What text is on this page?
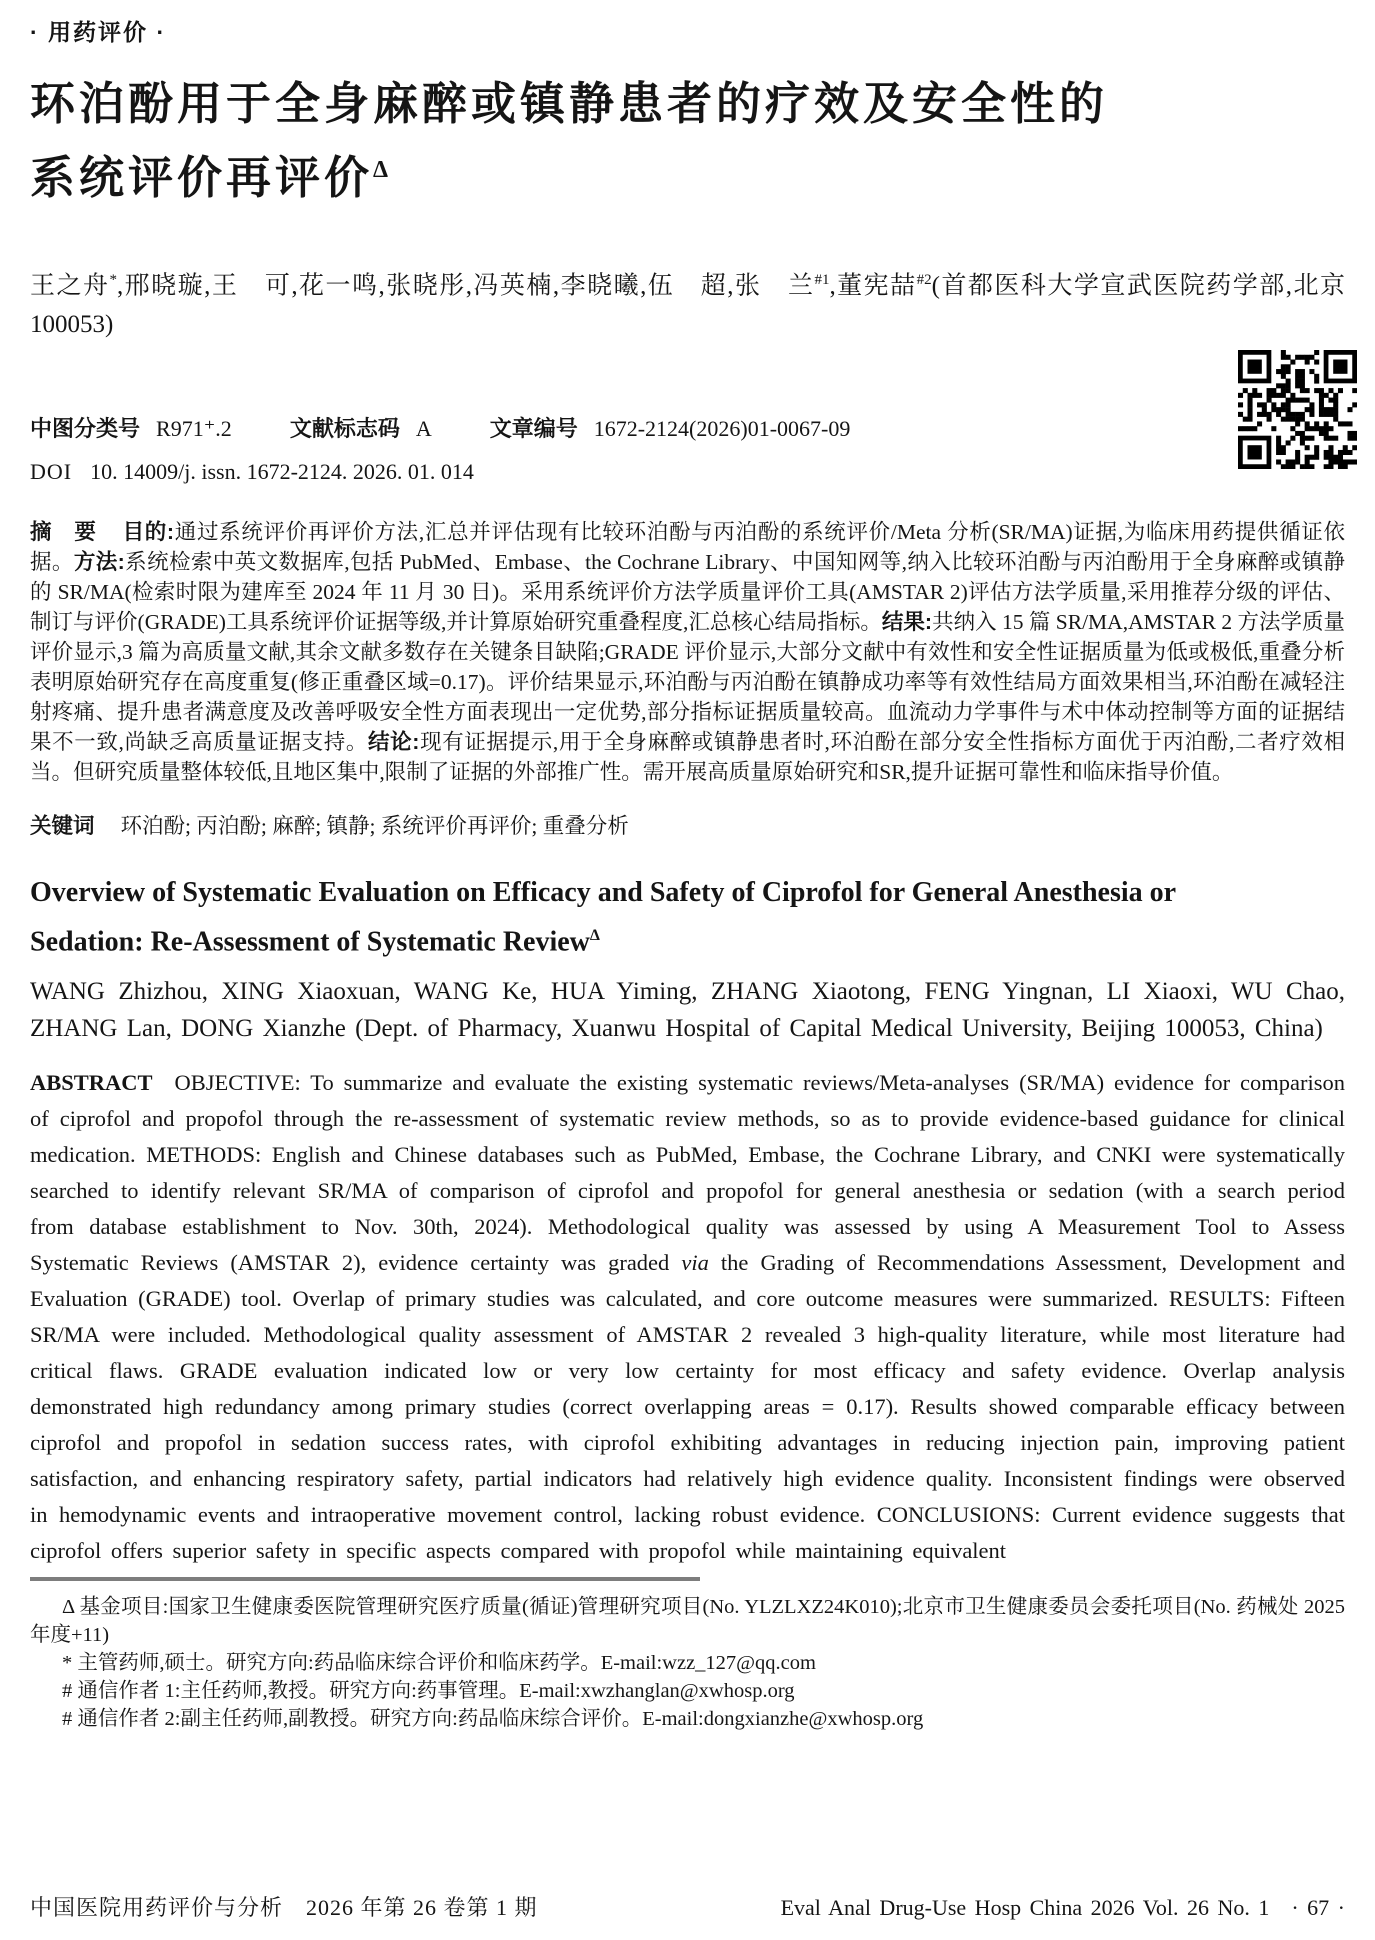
· 用药评价 ·
环泊酚用于全身麻醉或镇静患者的疗效及安全性的
系统评价再评价$^\Delta$

王之舟*,邢晓璇,王　可,花一鸣,张晓彤,冯英楠,李晓曦,伍　超,张　兰$^{\#1}$,董宪喆$^{\#2}$(首都医科大学宣武医院药学部,北京　100053)

中图分类号 R971⁺.2	文献标志码 A	文章编号 1672-2124(2026)01-0067-09

DOI 10. 14009/j. issn. 1672-2124. 2026. 01. 014

摘　要 目的:通过系统评价再评价方法,汇总并评估现有比较环泊酚与丙泊酚的系统评价/Meta 分析(SR/MA)证据,为临床用药提供循证依据。方法:系统检索中英文数据库,包括 PubMed、Embase、the Cochrane Library、中国知网等,纳入比较环泊酚与丙泊酚用于全身麻醉或镇静的 SR/MA(检索时限为建库至 2024 年 11 月 30 日)。采用系统评价方法学质量评价工具(AMSTAR 2)评估方法学质量,采用推荐分级的评估、制订与评价(GRADE)工具系统评价证据等级,并计算原始研究重叠程度,汇总核心结局指标。结果:共纳入 15 篇 SR/MA,AMSTAR 2 方法学质量评价显示,3 篇为高质量文献,其余文献多数存在关键条目缺陷;GRADE 评价显示,大部分文献中有效性和安全性证据质量为低或极低,重叠分析表明原始研究存在高度重复(修正重叠区域=0.17)。评价结果显示,环泊酚与丙泊酚在镇静成功率等有效性结局方面效果相当,环泊酚在减轻注射疼痛、提升患者满意度及改善呼吸安全性方面表现出一定优势,部分指标证据质量较高。血流动力学事件与术中体动控制等方面的证据结果不一致,尚缺乏高质量证据支持。结论:现有证据提示,用于全身麻醉或镇静患者时,环泊酚在部分安全性指标方面优于丙泊酚,二者疗效相当。但研究质量整体较低,且地区集中,限制了证据的外部推广性。需开展高质量原始研究和SR,提升证据可靠性和临床指导价值。

关键词 环泊酚; 丙泊酚; 麻醉; 镇静; 系统评价再评价; 重叠分析

Overview of Systematic Evaluation on Efficacy and Safety of Ciprofol for General Anesthesia or
Sedation: Re-Assessment of Systematic Review$^\Delta$

WANG Zhizhou, XING Xiaoxuan, WANG Ke, HUA Yiming, ZHANG Xiaotong, FENG Yingnan, LI Xiaoxi, WU Chao, ZHANG Lan, DONG Xianzhe (Dept. of Pharmacy, Xuanwu Hospital of Capital Medical University, Beijing 100053, China)

ABSTRACT OBJECTIVE: To summarize and evaluate the existing systematic reviews/Meta-analyses (SR/MA) evidence for comparison of ciprofol and propofol through the re-assessment of systematic review methods, so as to provide evidence-based guidance for clinical medication. METHODS: English and Chinese databases such as PubMed, Embase, the Cochrane Library, and CNKI were systematically searched to identify relevant SR/MA of comparison of ciprofol and propofol for general anesthesia or sedation (with a search period from database establishment to Nov. 30th, 2024). Methodological quality was assessed by using A Measurement Tool to Assess Systematic Reviews (AMSTAR 2), evidence certainty was graded via the Grading of Recommendations Assessment, Development and Evaluation (GRADE) tool. Overlap of primary studies was calculated, and core outcome measures were summarized. RESULTS: Fifteen SR/MA were included. Methodological quality assessment of AMSTAR 2 revealed 3 high-quality literature, while most literature had critical flaws. GRADE evaluation indicated low or very low certainty for most efficacy and safety evidence. Overlap analysis demonstrated high redundancy among primary studies (correct overlapping areas = 0.17). Results showed comparable efficacy between ciprofol and propofol in sedation success rates, with ciprofol exhibiting advantages in reducing injection pain, improving patient satisfaction, and enhancing respiratory safety, partial indicators had relatively high evidence quality. Inconsistent findings were observed in hemodynamic events and intraoperative movement control, lacking robust evidence. CONCLUSIONS: Current evidence suggests that ciprofol offers superior safety in specific aspects compared with propofol while maintaining equivalent

Δ 基金项目:国家卫生健康委医院管理研究医疗质量(循证)管理研究项目(No. YLZLXZ24K010);北京市卫生健康委员会委托项目(No. 药械处 2025 年度+11)

* 主管药师,硕士。研究方向:药品临床综合评价和临床药学。E-mail:wzz_127@qq.com

# 通信作者 1:主任药师,教授。研究方向:药事管理。E-mail:xwzhanglan@xwhosp.org

# 通信作者 2:副主任药师,副教授。研究方向:药品临床综合评价。E-mail:dongxianzhe@xwhosp.org

中国医院用药评价与分析　2026 年第 26 卷第 1 期	Eval Anal Drug-Use Hosp China 2026 Vol. 26 No. 1　· 67 ·
